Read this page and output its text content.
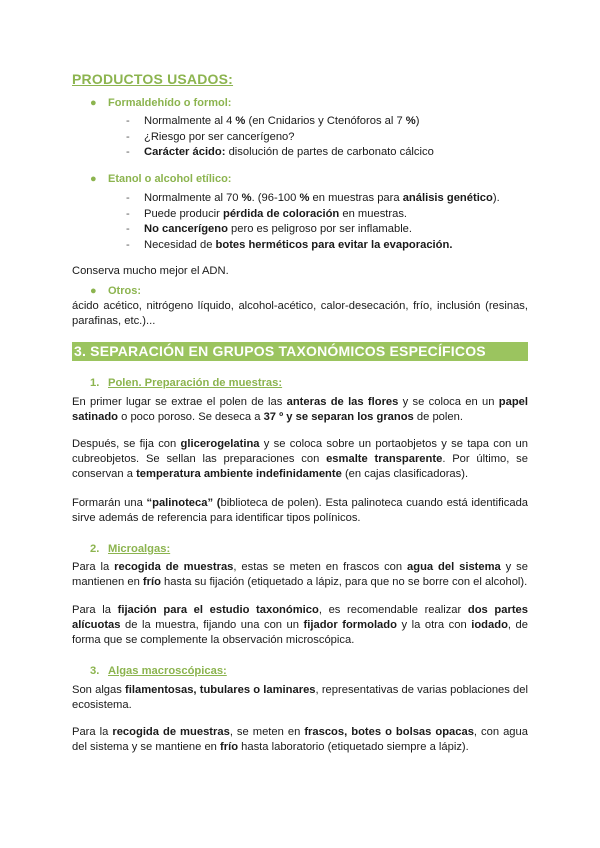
PRODUCTOS USADOS:

● Formaldehído o formol:

- Normalmente al 4 % (en Cnidarios y Ctenóforos al 7 %)
- ¿Riesgo por ser cancerígeno?
- Carácter ácido: disolución de partes de carbonato cálcico

● Etanol o alcohol etílico:

- Normalmente al 70 %. (96-100 % en muestras para análisis genético).
- Puede producir pérdida de coloración en muestras.
- No cancerígeno pero es peligroso por ser inflamable.
- Necesidad de botes herméticos para evitar la evaporación.

Conserva mucho mejor el ADN.

● Otros:

ácido acético, nitrógeno líquido, alcohol-acético, calor-desecación, frío, inclusión (resinas, parafinas, etc.)...

3. SEPARACIÓN EN GRUPOS TAXONÓMICOS ESPECÍFICOS

1. Polen. Preparación de muestras:

En primer lugar se extrae el polen de las anteras de las flores y se coloca en un papel satinado o poco poroso. Se deseca a 37 º y se separan los granos de polen.

Después, se fija con glicerogelatina y se coloca sobre un portaobjetos y se tapa con un cubreobjetos. Se sellan las preparaciones con esmalte transparente. Por último, se conservan a temperatura ambiente indefinidamente (en cajas clasificadoras).

Formarán una “palinoteca” (biblioteca de polen). Esta palinoteca cuando está identificada sirve además de referencia para identificar tipos polínicos.

2. Microalgas:

Para la recogida de muestras, estas se meten en frascos con agua del sistema y se mantienen en frío hasta su fijación (etiquetado a lápiz, para que no se borre con el alcohol).

Para la fijación para el estudio taxonómico, es recomendable realizar dos partes alícuotas de la muestra, fijando una con un fijador formolado y la otra con iodado, de forma que se complemente la observación microscópica.

3. Algas macroscópicas:

Son algas filamentosas, tubulares o laminares, representativas de varias poblaciones del ecosistema.

Para la recogida de muestras, se meten en frascos, botes o bolsas opacas, con agua del sistema y se mantiene en frío hasta laboratorio (etiquetado siempre a lápiz).
